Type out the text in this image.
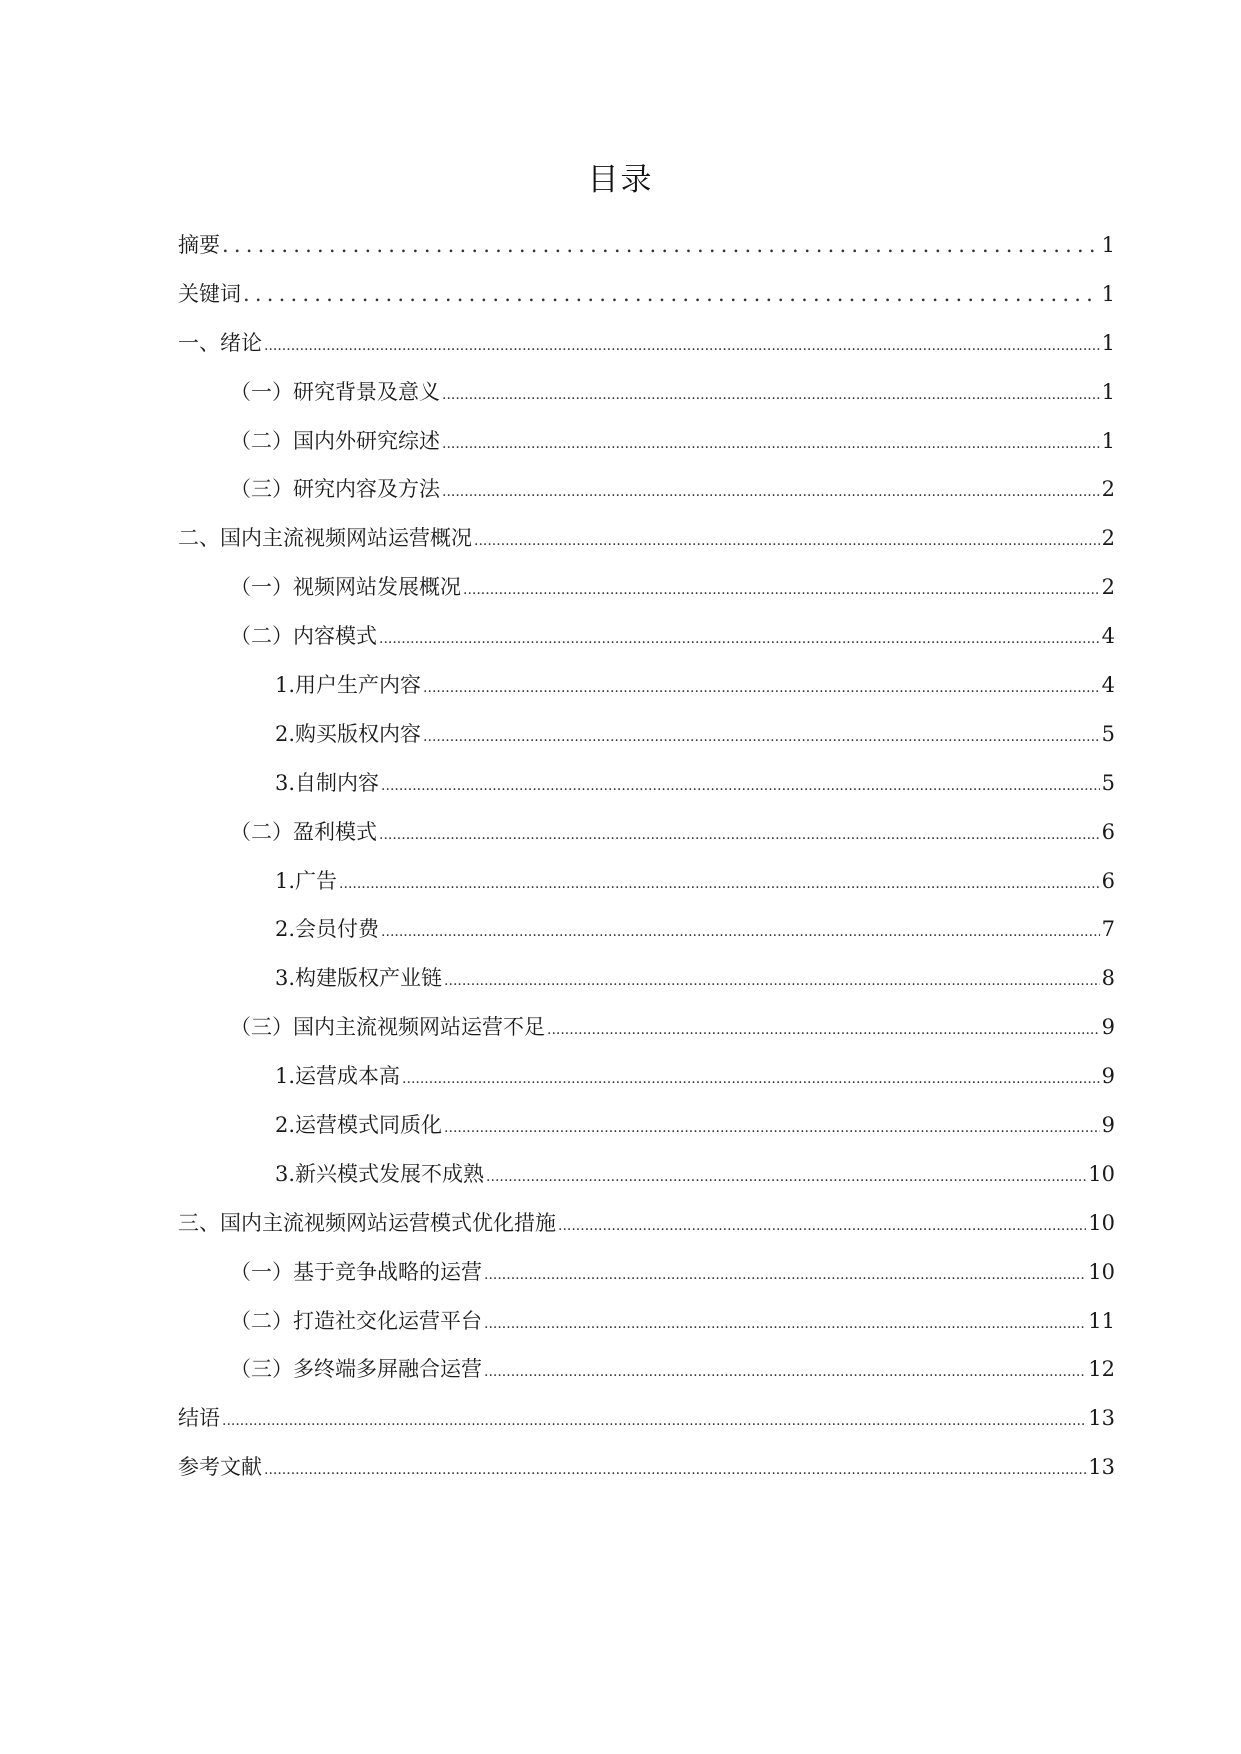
目录
摘要 .....	1
关键词 .....	1
一、绪论 .....	1
（一）研究背景及意义 .....	1
（二）国内外研究综述 .....	1
（三）研究内容及方法 .....	2
二、国内主流视频网站运营概况 .....	2
（一）视频网站发展概况 .....	2
（二）内容模式 .....	4
1.用户生产内容 .....	4
2.购买版权内容 .....	5
3.自制内容 .....	5
（二）盈利模式 .....	6
1.广告 .....	6
2.会员付费 .....	7
3.构建版权产业链 .....	8
（三）国内主流视频网站运营不足 .....	9
1.运营成本高 .....	9
2.运营模式同质化 .....	9
3.新兴模式发展不成熟 .....	10
三、国内主流视频网站运营模式优化措施 .....	10
（一）基于竞争战略的运营 .....	10
（二）打造社交化运营平台 .....	11
（三）多终端多屏融合运营 .....	12
结语 .....	13
参考文献 .....	13
